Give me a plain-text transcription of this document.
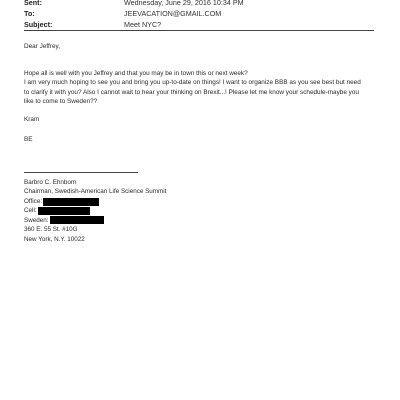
Sent:	Wednesday, June 29, 2016 10:34 PM
To:	JEEVACATION@GMAIL.COM
Subject:	Meet NYC?

Dear Jeffrey,

Hope all is well with you Jeffrey and that you may be in town this or next week?

I am very much hoping to see you and bring you up-to-date on things! I want to organize BBB as you see best but need

to clarify it with you? Also I cannot wait to hear your thinking on Brexit...! Please let me know your schedule-maybe you

like to come to Sweden??

Kram

BE

Barbro C. Ehnbom
Chairman, Swedish-American Life Science Summit
Office:
Cell:
Sweden:
360 E. 55 St. #10G
New York, N.Y. 10022
